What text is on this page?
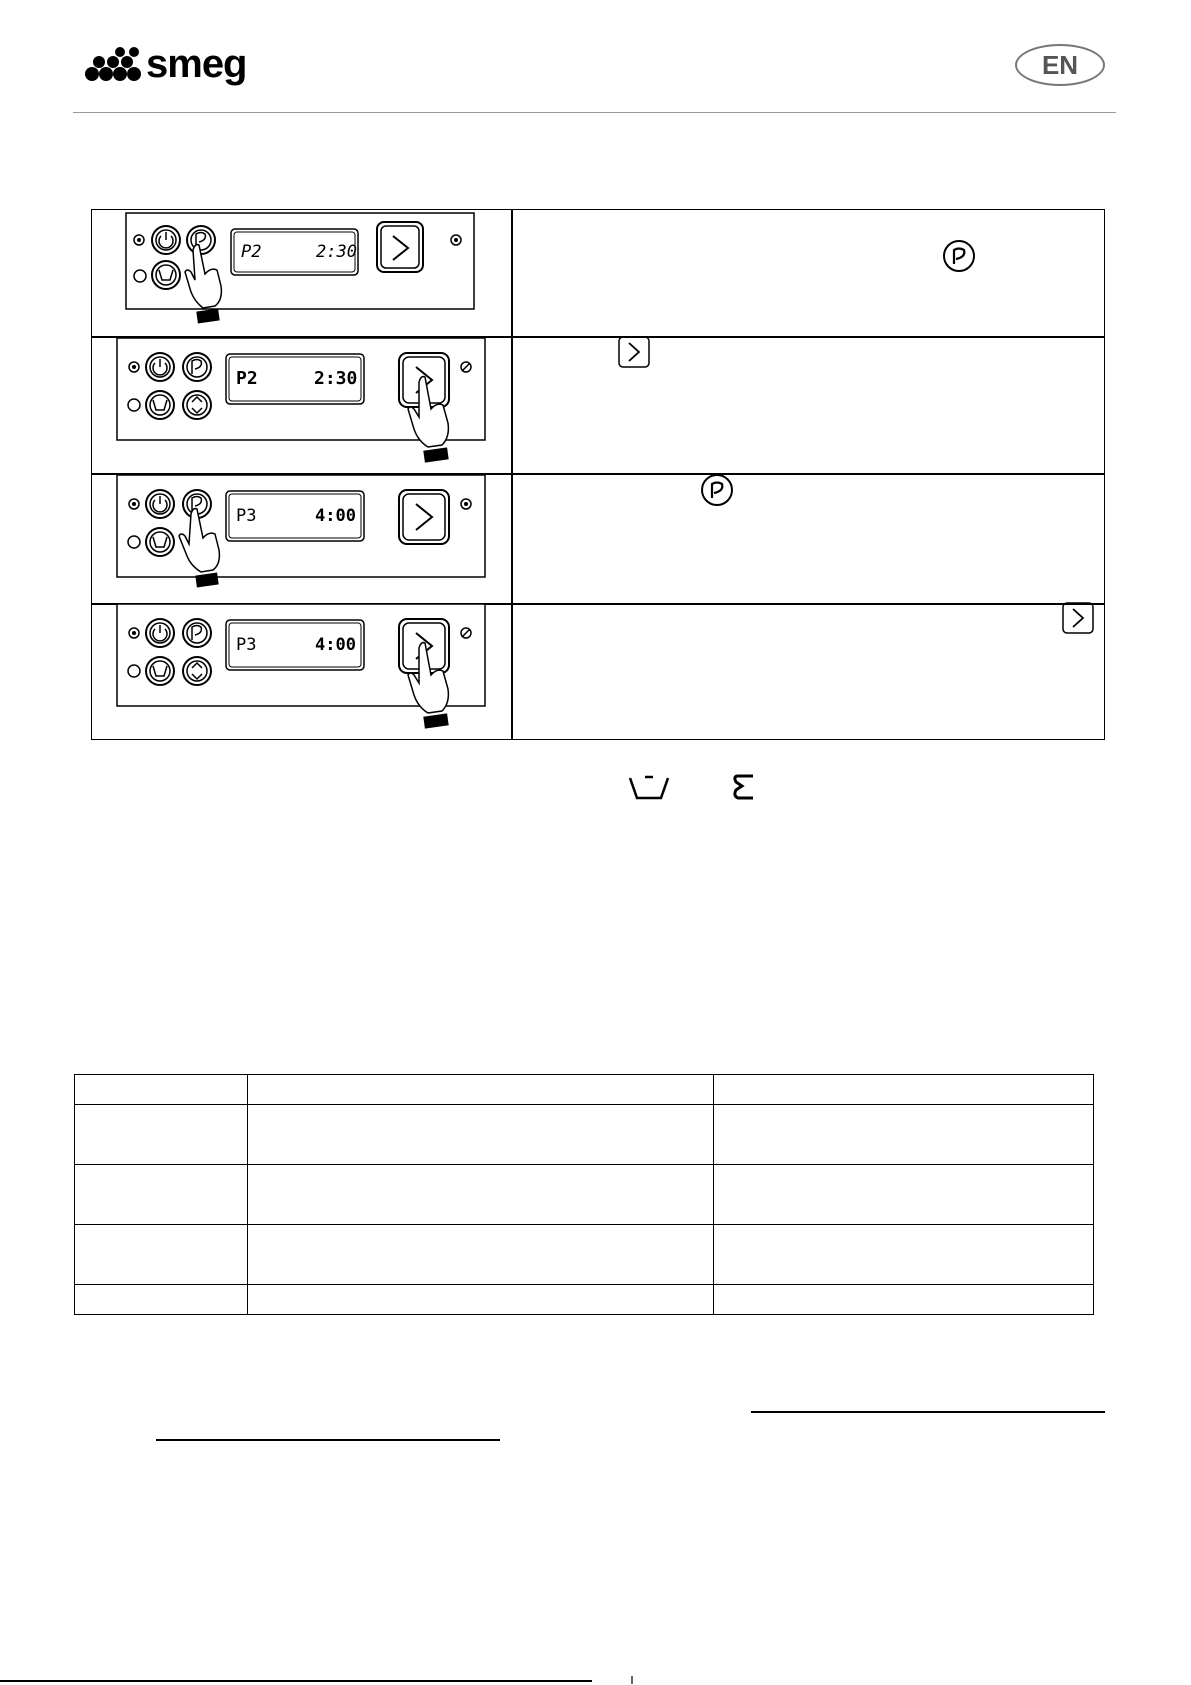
smeg	EN
P2	2:30
P2	2:30
P3	4:00
P3	4:00
